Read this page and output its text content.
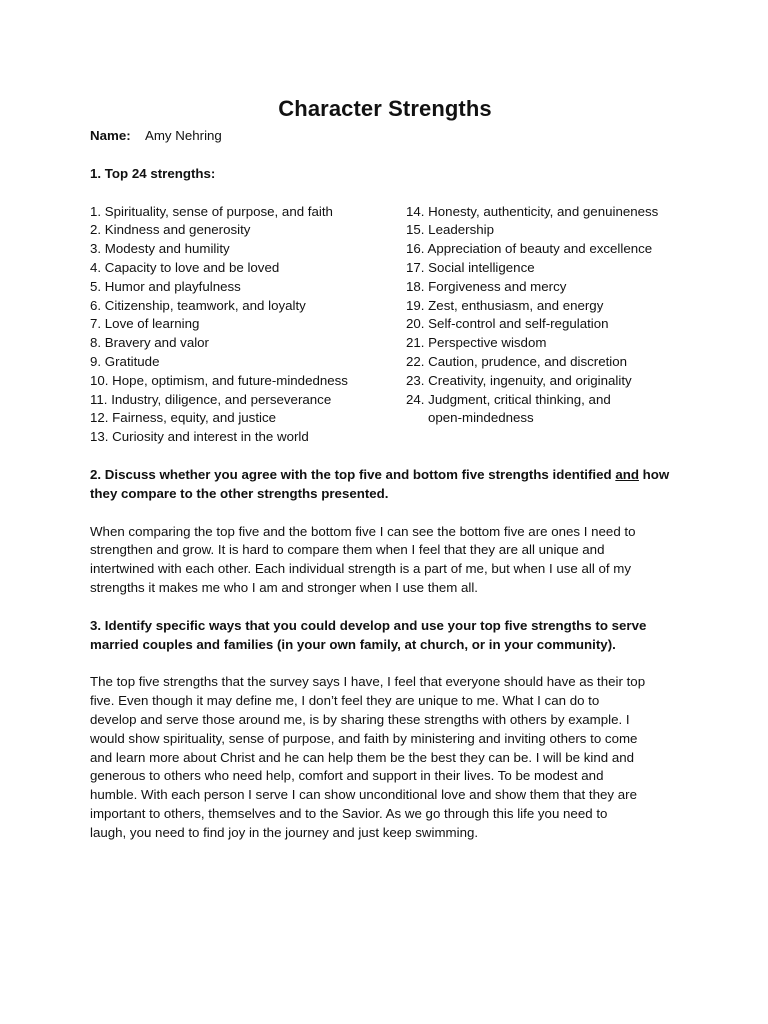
Character Strengths
Name: Amy Nehring
1. Top 24 strengths:
1. Spirituality, sense of purpose, and faith
2. Kindness and generosity
3. Modesty and humility
4. Capacity to love and be loved
5. Humor and playfulness
6. Citizenship, teamwork, and loyalty
7. Love of learning
8. Bravery and valor
9. Gratitude
10. Hope, optimism, and future-mindedness
11. Industry, diligence, and perseverance
12. Fairness, equity, and justice
13. Curiosity and interest in the world
14. Honesty, authenticity, and genuineness
15. Leadership
16. Appreciation of beauty and excellence
17. Social intelligence
18. Forgiveness and mercy
19. Zest, enthusiasm, and energy
20. Self-control and self-regulation
21. Perspective wisdom
22. Caution, prudence, and discretion
23. Creativity, ingenuity, and originality
24. Judgment, critical thinking, and
open-mindedness
2. Discuss whether you agree with the top five and bottom five strengths identified and how
they compare to the other strengths presented.
When comparing the top five and the bottom five I can see the bottom five are ones I need to
strengthen and grow. It is hard to compare them when I feel that they are all unique and
intertwined with each other. Each individual strength is a part of me, but when I use all of my
strengths it makes me who I am and stronger when I use them all.
3. Identify specific ways that you could develop and use your top five strengths to serve
married couples and families (in your own family, at church, or in your community).
The top five strengths that the survey says I have, I feel that everyone should have as their top
five. Even though it may define me, I don’t feel they are unique to me. What I can do to
develop and serve those around me, is by sharing these strengths with others by example. I
would show spirituality, sense of purpose, and faith by ministering and inviting others to come
and learn more about Christ and he can help them be the best they can be. I will be kind and
generous to others who need help, comfort and support in their lives. To be modest and
humble. With each person I serve I can show unconditional love and show them that they are
important to others, themselves and to the Savior. As we go through this life you need to
laugh, you need to find joy in the journey and just keep swimming.
